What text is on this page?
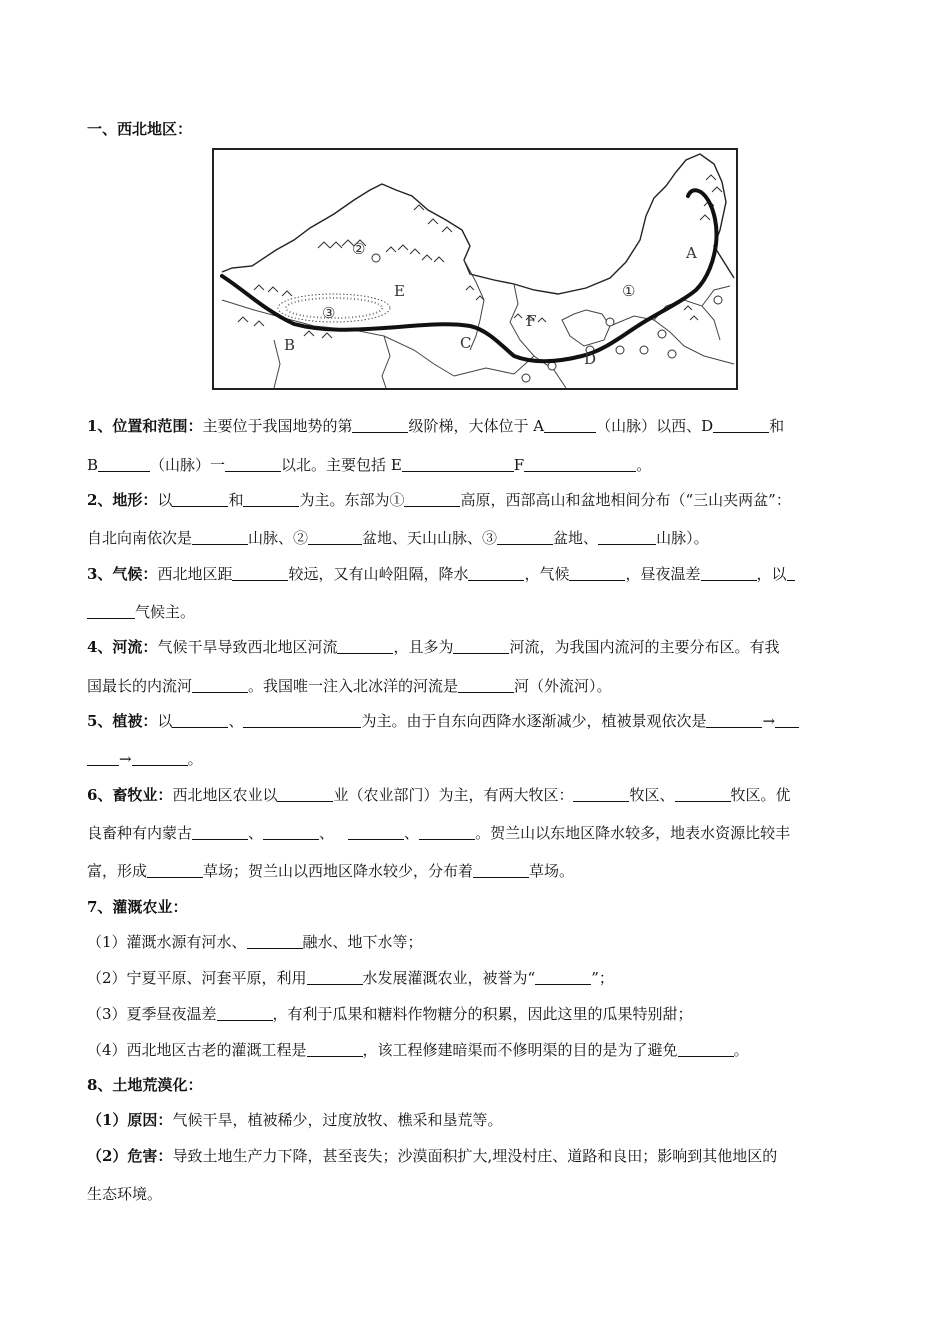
一、西北地区：
②
③
E
B	C
F
D
①
A
1、位置和范围：主要位于我国地势的第	级阶梯，大体位于 A	（山脉）以西、D	和
B	（山脉）一	以北。主要包括 E	F	。
2、地形：以	和	为主。东部为①	高原，西部高山和盆地相间分布（“三山夹两盆”：
自北向南依次是	山脉、②	盆地、天山山脉、③	盆地、	山脉）。
3、气候：西北地区距	较远，又有山岭阻隔，降水	，气候	，昼夜温差	，以
气候主。
4、河流：气候干旱导致西北地区河流	，且多为	河流，为我国内流河的主要分布区。有我
国最长的内流河	。我国唯一注入北冰洋的河流是	河（外流河）。
5、植被：以	、	为主。由于自东向西降水逐渐减少，植被景观依次是	→
→	。
6、畜牧业：西北地区农业以	业（农业部门）为主，有两大牧区：	牧区、	牧区。优
良畜种有内蒙古	、	、	、	。贺兰山以东地区降水较多，地表水资源比较丰
富，形成	草场；贺兰山以西地区降水较少，分布着	草场。
7、灌溉农业：
（1）灌溉水源有河水、	融水、地下水等；
（2）宁夏平原、河套平原，利用	水发展灌溉农业，被誉为“	”；
（3）夏季昼夜温差	，有利于瓜果和糖料作物糖分的积累，因此这里的瓜果特别甜；
（4）西北地区古老的灌溉工程是	，该工程修建暗渠而不修明渠的目的是为了避免	。
8、土地荒漠化：
（1）原因：气候干旱，植被稀少，过度放牧、樵采和垦荒等。
（2）危害：导致土地生产力下降，甚至丧失；沙漠面积扩大,埋没村庄、道路和良田；影响到其他地区的
生态环境。
